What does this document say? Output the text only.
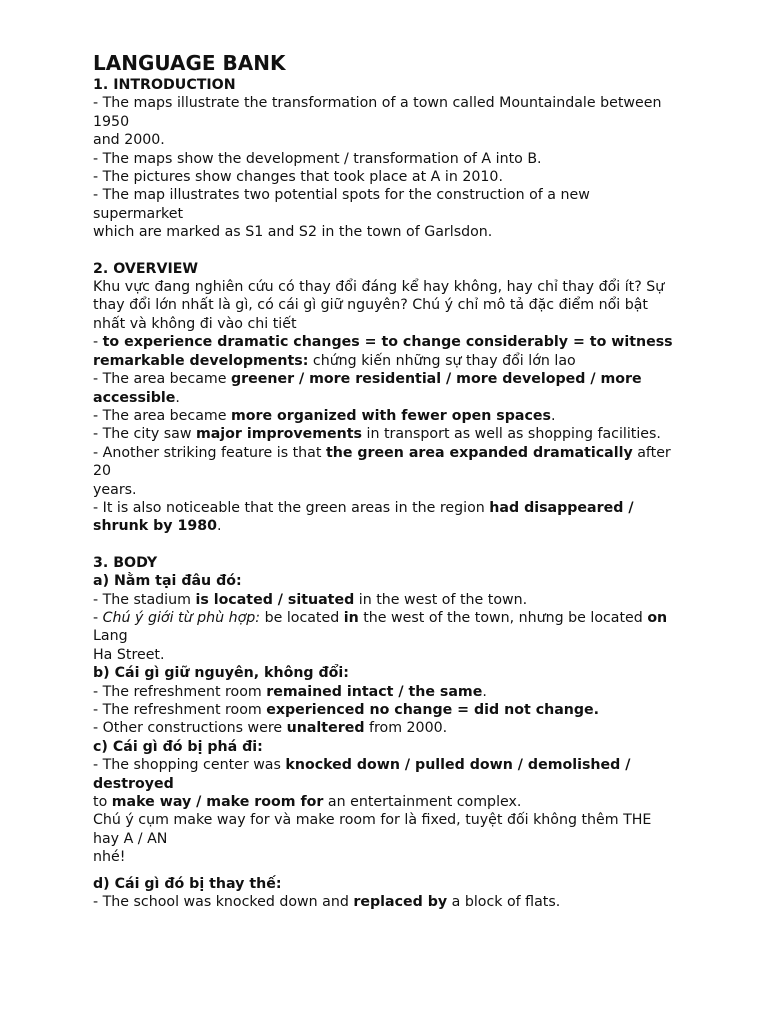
LANGUAGE BANK
1. INTRODUCTION
- The maps illustrate the transformation of a town called Mountaindale between
1950
and 2000.
- The maps show the development / transformation of A into B.
- The pictures show changes that took place at A in 2010.
- The map illustrates two potential spots for the construction of a new
supermarket
which are marked as S1 and S2 in the town of Garlsdon.
2. OVERVIEW
Khu vực đang nghiên cứu có thay đổi đáng kể hay không, hay chỉ thay đổi ít? Sự
thay đổi lớn nhất là gì, có cái gì giữ nguyên? Chú ý chỉ mô tả đặc điểm nổi bật
nhất và không đi vào chi tiết
- to experience dramatic changes = to change considerably = to witness
remarkable developments: chứng kiến những sự thay đổi lớn lao
- The area became greener / more residential / more developed / more
accessible.
- The area became more organized with fewer open spaces.
- The city saw major improvements in transport as well as shopping facilities.
- Another striking feature is that the green area expanded dramatically after
20
years.
- It is also noticeable that the green areas in the region had disappeared /
shrunk by 1980.
3. BODY
a) Nằm tại đâu đó:
- The stadium is located / situated in the west of the town.
- Chú ý giới từ phù hợp: be located in the west of the town, nhưng be located on
Lang
Ha Street.
b) Cái gì giữ nguyên, không đổi:
- The refreshment room remained intact / the same.
- The refreshment room experienced no change = did not change.
- Other constructions were unaltered from 2000.
c) Cái gì đó bị phá đi:
- The shopping center was knocked down / pulled down / demolished /
destroyed
to make way / make room for an entertainment complex.
Chú ý cụm make way for và make room for là fixed, tuyệt đối không thêm THE
hay A / AN
nhé!
d) Cái gì đó bị thay thế:
- The school was knocked down and replaced by a block of flats.
